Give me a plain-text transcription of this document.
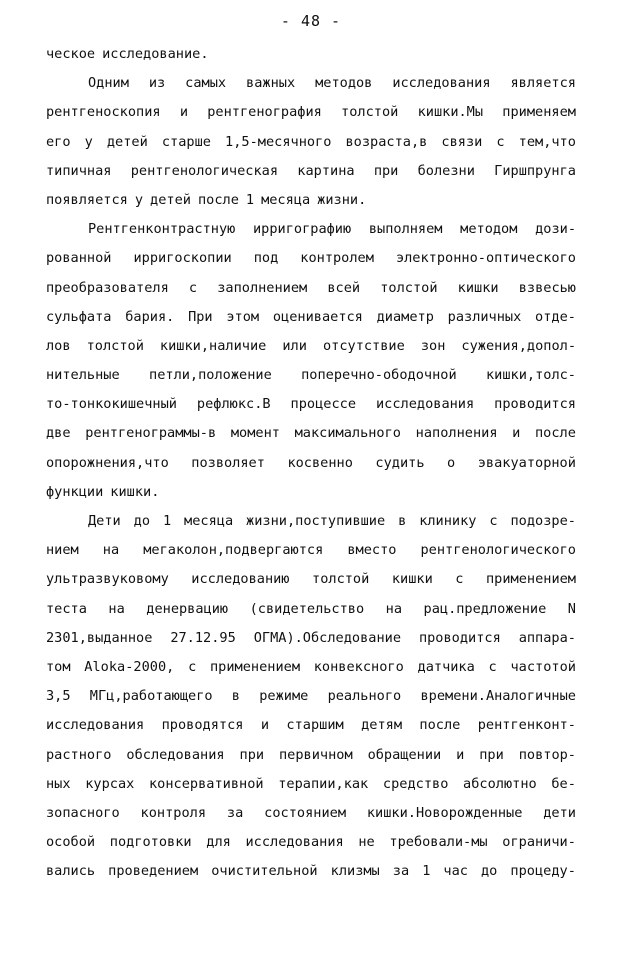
- 48 -
ческое исследование.
Одним из самых важных методов исследования является
рентгеноскопия и рентгенография толстой кишки.Мы применяем
его у детей старше 1,5-месячного возраста,в связи с тем,что
типичная рентгенологическая картина при болезни Гиршпрунга
появляется у детей после 1 месяца жизни.
Рентгенконтрастную ирригографию выполняем методом дози-
рованной ирригоскопии под контролем электронно-оптического
преобразователя с заполнением всей толстой кишки взвесью
сульфата бария. При этом оценивается диаметр различных отде-
лов толстой кишки,наличие или отсутствие зон сужения,допол-
нительные петли,положение поперечно-ободочной кишки,толс-
то-тонкокишечный рефлюкс.В процессе исследования проводится
две рентгенограммы-в момент максимального наполнения и после
опорожнения,что позволяет косвенно судить о эвакуаторной
функции кишки.
Дети до 1 месяца жизни,поступившие в клинику с подозре-
нием на мегаколон,подвергаются вместо рентгенологического
ультразвуковому исследованию толстой кишки с применением
теста на денервацию (свидетельство на рац.предложение N
2301,выданное 27.12.95 ОГМА).Обследование проводится аппара-
том Aloka-2000, с применением конвексного датчика с частотой
3,5 МГц,работающего в режиме реального времени.Аналогичные
исследования проводятся и старшим детям после рентгенконт-
растного обследования при первичном обращении и при повтор-
ных курсах консервативной терапии,как средство абсолютно бе-
зопасного контроля за состоянием кишки.Новорожденные дети
особой подготовки для исследования не требовали-мы ограничи-
вались проведением очистительной клизмы за 1 час до процеду-
